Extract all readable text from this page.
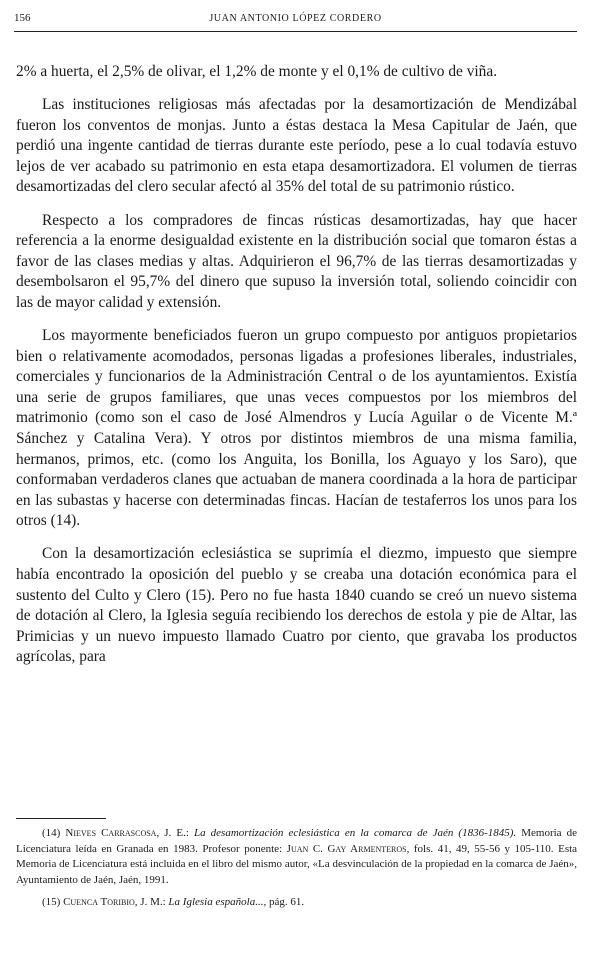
156	JUAN ANTONIO LÓPEZ CORDERO

2% a huerta, el 2,5% de olivar, el 1,2% de monte y el 0,1% de cultivo de viña.

Las instituciones religiosas más afectadas por la desamortización de Mendizábal fueron los conventos de monjas. Junto a éstas destaca la Mesa Capitular de Jaén, que perdió una ingente cantidad de tierras durante este período, pese a lo cual todavía estuvo lejos de ver acabado su patrimonio en esta etapa desamortizadora. El volumen de tierras desamortizadas del clero secular afectó al 35% del total de su patrimonio rústico.

Respecto a los compradores de fincas rústicas desamortizadas, hay que hacer referencia a la enorme desigualdad existente en la distribución social que tomaron éstas a favor de las clases medias y altas. Adquirieron el 96,7% de las tierras desamortizadas y desembolsaron el 95,7% del dinero que supuso la inversión total, soliendo coincidir con las de mayor calidad y extensión.

Los mayormente beneficiados fueron un grupo compuesto por antiguos propietarios bien o relativamente acomodados, personas ligadas a profesiones liberales, industriales, comerciales y funcionarios de la Administración Central o de los ayuntamientos. Existía una serie de grupos familiares, que unas veces compuestos por los miembros del matrimonio (como son el caso de José Almendros y Lucía Aguilar o de Vicente M.ª Sánchez y Catalina Vera). Y otros por distintos miembros de una misma familia, hermanos, primos, etc. (como los Anguita, los Bonilla, los Aguayo y los Saro), que conformaban verdaderos clanes que actuaban de manera coordinada a la hora de participar en las subastas y hacerse con determinadas fincas. Hacían de testaferros los unos para los otros (14).

Con la desamortización eclesiástica se suprimía el diezmo, impuesto que siempre había encontrado la oposición del pueblo y se creaba una dotación económica para el sustento del Culto y Clero (15). Pero no fue hasta 1840 cuando se creó un nuevo sistema de dotación al Clero, la Iglesia seguía recibiendo los derechos de estola y pie de Altar, las Primicias y un nuevo impuesto llamado Cuatro por ciento, que gravaba los productos agrícolas, para

(14) Nieves Carrascosa, J. E.: La desamortización eclesiástica en la comarca de Jaén (1836-1845). Memoria de Licenciatura leída en Granada en 1983. Profesor ponente: Juan C. Gay Armenteros, fols. 41, 49, 55-56 y 105-110. Esta Memoria de Licenciatura está incluida en el libro del mismo autor, «La desvinculación de la propiedad en la comarca de Jaén», Ayuntamiento de Jaén, Jaén, 1991.

(15) Cuenca Toribio, J. M.: La Iglesia española..., pág. 61.
